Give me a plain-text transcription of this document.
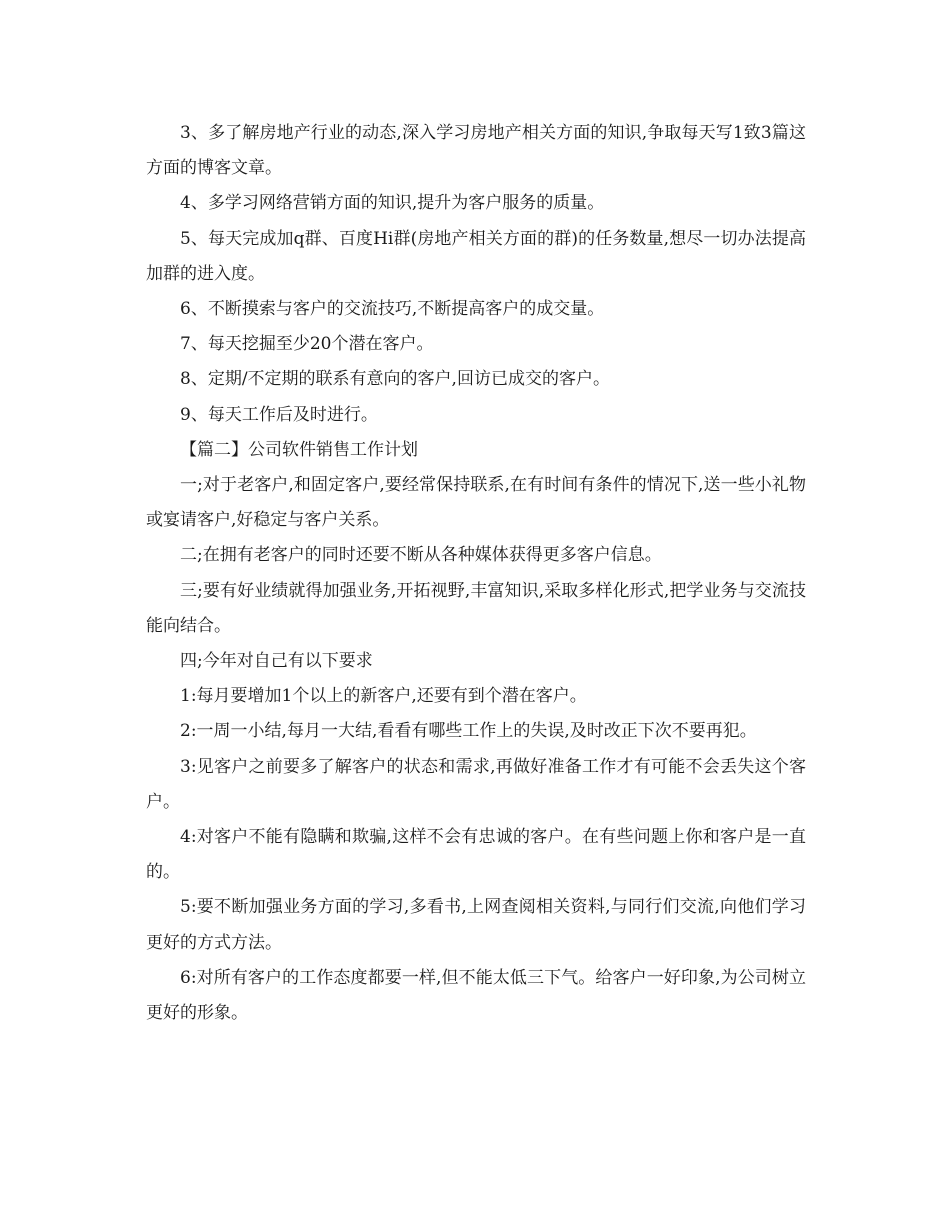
3、多了解房地产行业的动态,深入学习房地产相关方面的知识,争取每天写1致3篇这方面的博客文章。

4、多学习网络营销方面的知识,提升为客户服务的质量。

5、每天完成加q群、百度Hi群(房地产相关方面的群)的任务数量,想尽一切办法提高加群的进入度。

6、不断摸索与客户的交流技巧,不断提高客户的成交量。

7、每天挖掘至少20个潜在客户。

8、定期/不定期的联系有意向的客户,回访已成交的客户。

9、每天工作后及时进行。

【篇二】公司软件销售工作计划

一;对于老客户,和固定客户,要经常保持联系,在有时间有条件的情况下,送一些小礼物或宴请客户,好稳定与客户关系。

二;在拥有老客户的同时还要不断从各种媒体获得更多客户信息。

三;要有好业绩就得加强业务,开拓视野,丰富知识,采取多样化形式,把学业务与交流技能向结合。

四;今年对自己有以下要求

1:每月要增加1个以上的新客户,还要有到个潜在客户。

2:一周一小结,每月一大结,看看有哪些工作上的失误,及时改正下次不要再犯。

3:见客户之前要多了解客户的状态和需求,再做好准备工作才有可能不会丢失这个客户。

4:对客户不能有隐瞒和欺骗,这样不会有忠诚的客户。在有些问题上你和客户是一直的。

5:要不断加强业务方面的学习,多看书,上网查阅相关资料,与同行们交流,向他们学习更好的方式方法。

6:对所有客户的工作态度都要一样,但不能太低三下气。给客户一好印象,为公司树立更好的形象。
